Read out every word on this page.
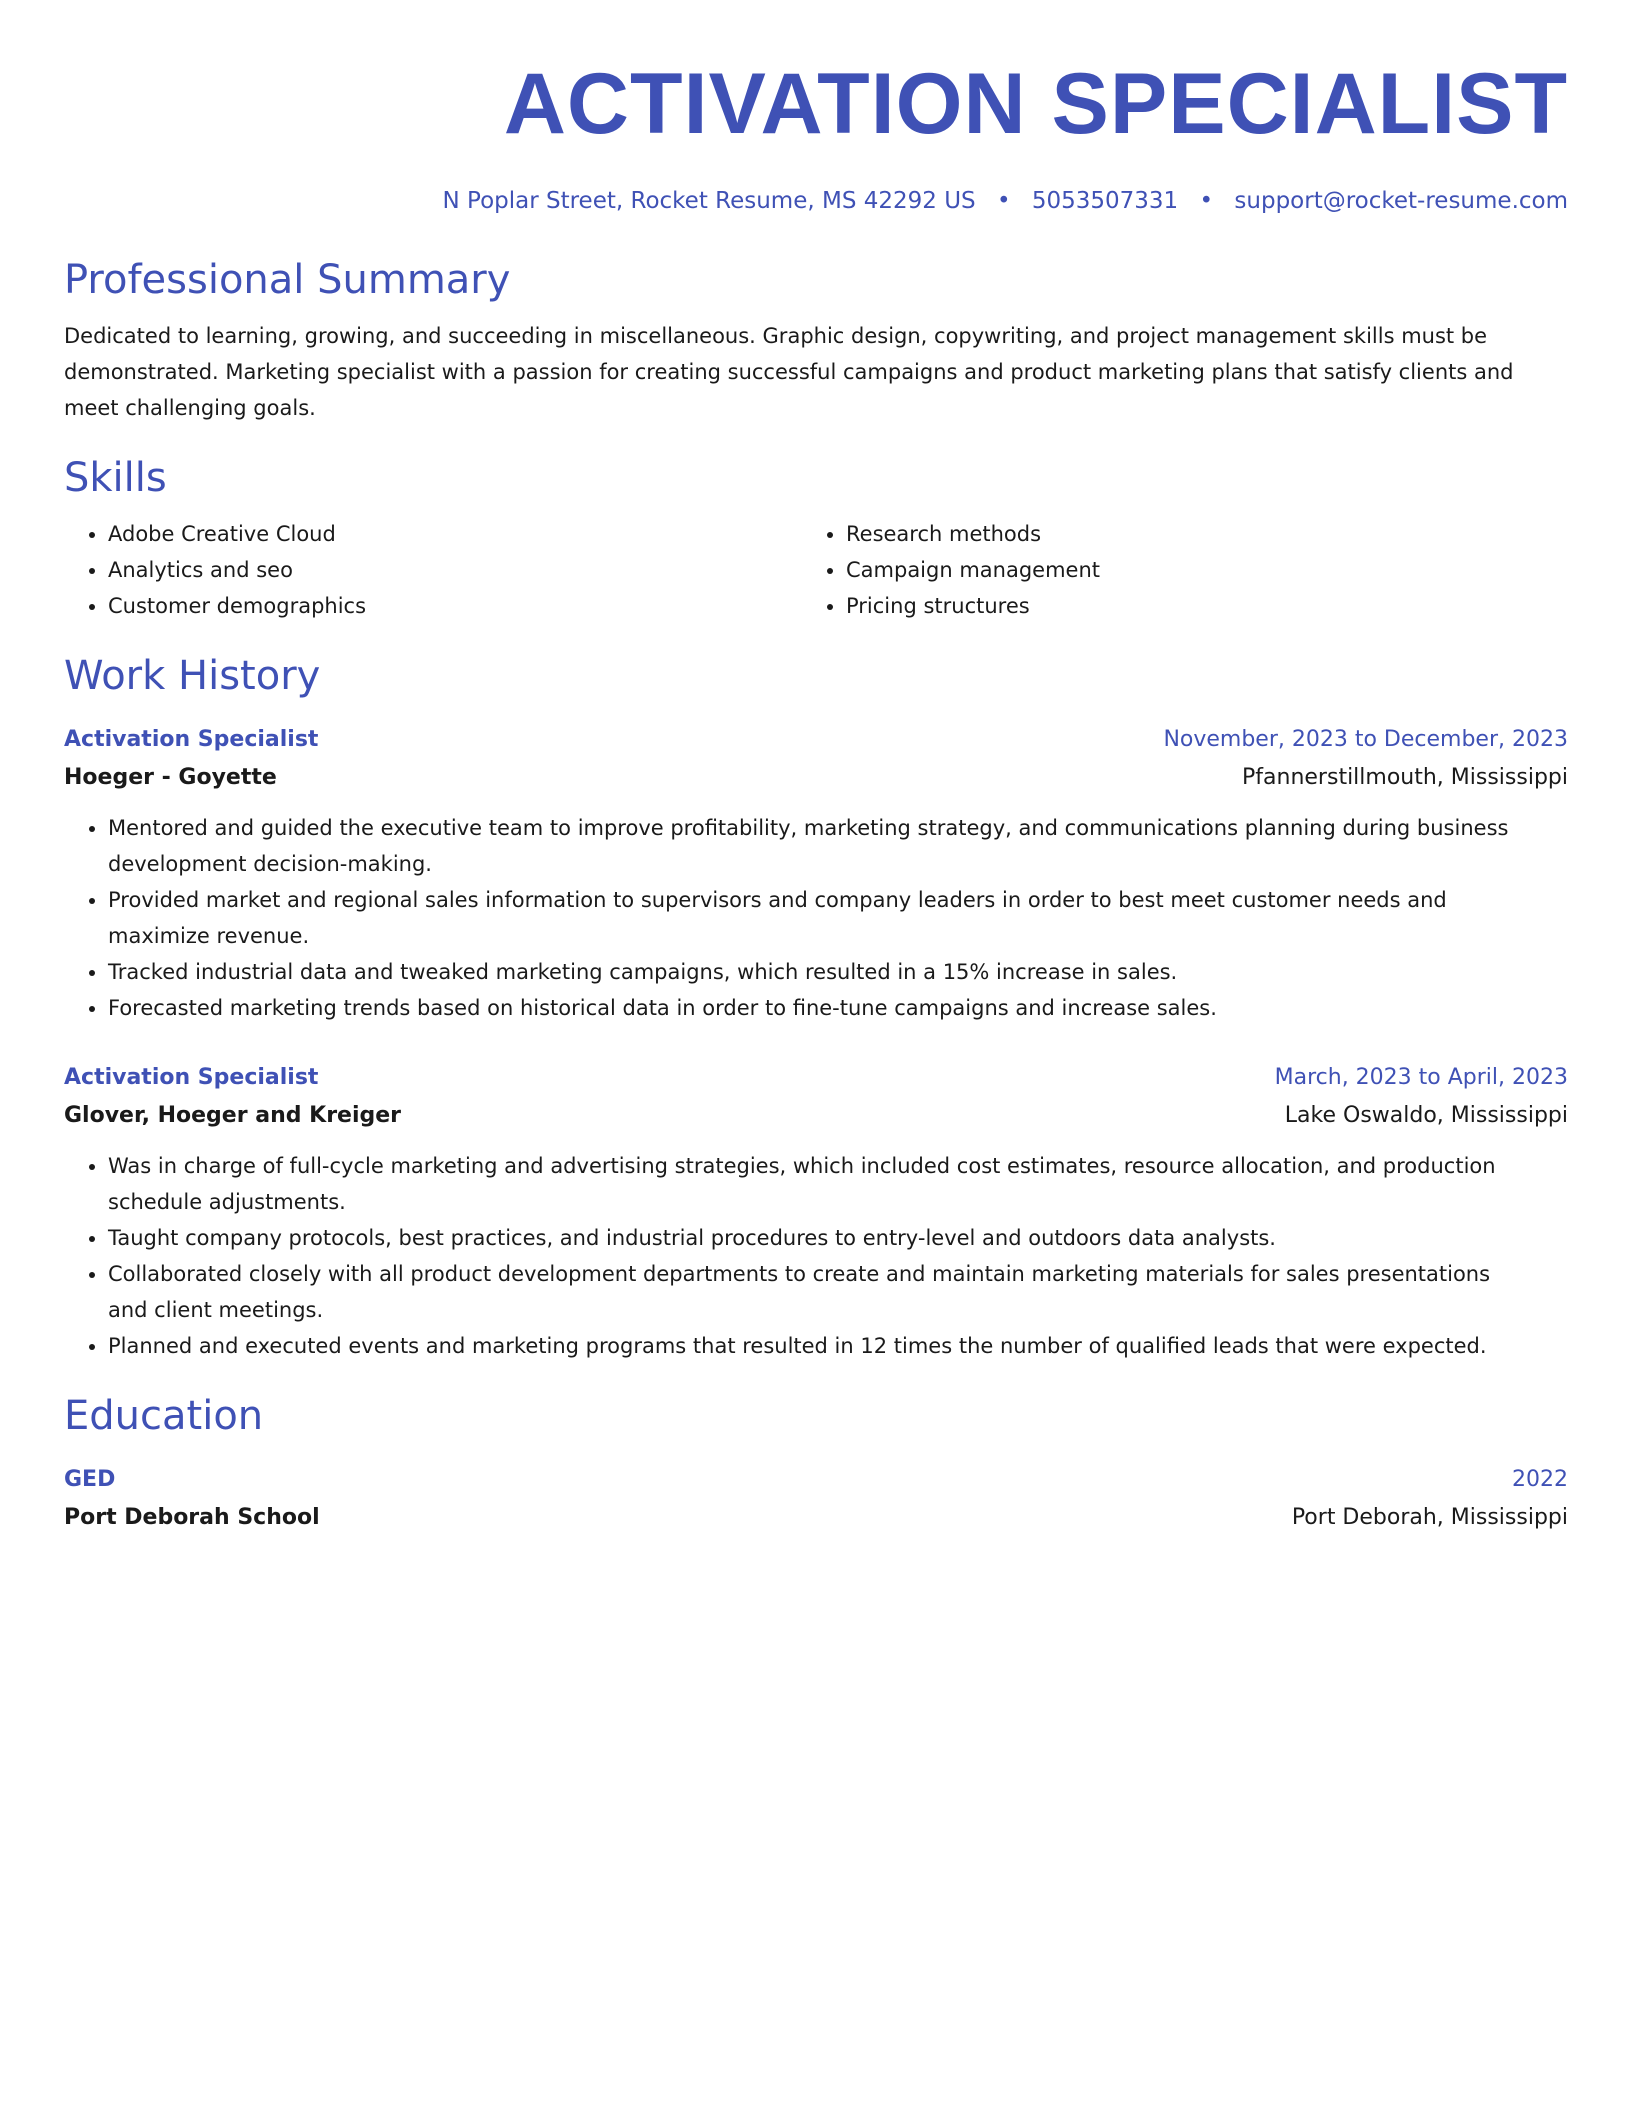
ACTIVATION SPECIALIST
N Poplar Street, Rocket Resume, MS 42292 US • 5053507331 • support@rocket-resume.com
Professional Summary
Dedicated to learning, growing, and succeeding in miscellaneous. Graphic design, copywriting, and project management skills must be demonstrated. Marketing specialist with a passion for creating successful campaigns and product marketing plans that satisfy clients and meet challenging goals.
Skills
• Adobe Creative Cloud
• Analytics and seo
• Customer demographics
• Research methods
• Campaign management
• Pricing structures
Work History
Activation Specialist	November, 2023 to December, 2023
Hoeger - Goyette	Pfannerstillmouth, Mississippi
• Mentored and guided the executive team to improve profitability, marketing strategy, and communications planning during business development decision-making.
• Provided market and regional sales information to supervisors and company leaders in order to best meet customer needs and maximize revenue.
• Tracked industrial data and tweaked marketing campaigns, which resulted in a 15% increase in sales.
• Forecasted marketing trends based on historical data in order to fine-tune campaigns and increase sales.
Activation Specialist	March, 2023 to April, 2023
Glover, Hoeger and Kreiger	Lake Oswaldo, Mississippi
• Was in charge of full-cycle marketing and advertising strategies, which included cost estimates, resource allocation, and production schedule adjustments.
• Taught company protocols, best practices, and industrial procedures to entry-level and outdoors data analysts.
• Collaborated closely with all product development departments to create and maintain marketing materials for sales presentations and client meetings.
• Planned and executed events and marketing programs that resulted in 12 times the number of qualified leads that were expected.
Education
GED	2022
Port Deborah School	Port Deborah, Mississippi
